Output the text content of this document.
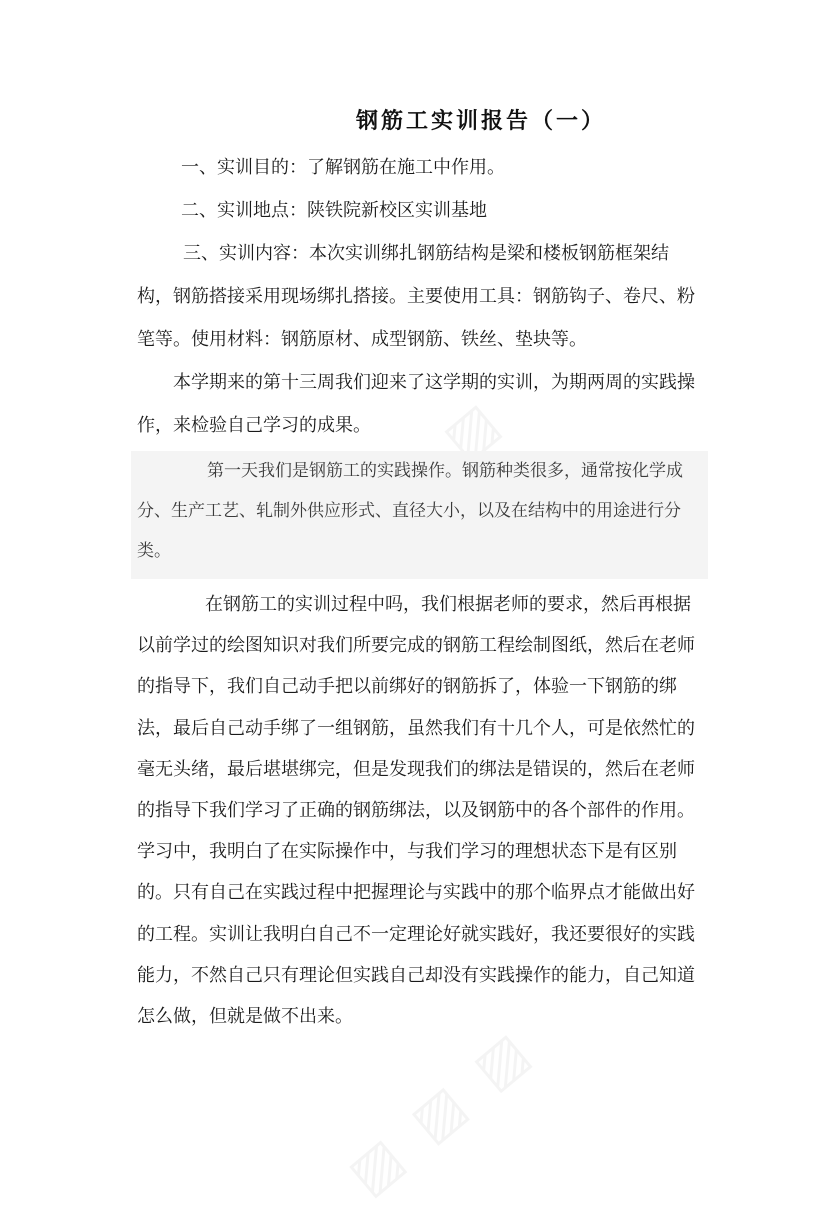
钢筋工实训报告（一）
一、实训目的：了解钢筋在施工中作用。
二、实训地点：陕铁院新校区实训基地
三、实训内容：本次实训绑扎钢筋结构是梁和楼板钢筋框架结构，钢筋搭接采用现场绑扎搭接。主要使用工具：钢筋钩子、卷尺、粉笔等。使用材料：钢筋原材、成型钢筋、铁丝、垫块等。
本学期来的第十三周我们迎来了这学期的实训，为期两周的实践操作，来检验自己学习的成果。
第一天我们是钢筋工的实践操作。钢筋种类很多，通常按化学成分、生产工艺、轧制外供应形式、直径大小，以及在结构中的用途进行分类。
在钢筋工的实训过程中吗，我们根据老师的要求，然后再根据以前学过的绘图知识对我们所要完成的钢筋工程绘制图纸，然后在老师的指导下，我们自己动手把以前绑好的钢筋拆了，体验一下钢筋的绑法，最后自己动手绑了一组钢筋，虽然我们有十几个人，可是依然忙的毫无头绪，最后堪堪绑完，但是发现我们的绑法是错误的，然后在老师的指导下我们学习了正确的钢筋绑法，以及钢筋中的各个部件的作用。学习中，我明白了在实际操作中，与我们学习的理想状态下是有区别的。只有自己在实践过程中把握理论与实践中的那个临界点才能做出好的工程。实训让我明白自己不一定理论好就实践好，我还要很好的实践能力，不然自己只有理论但实践自己却没有实践操作的能力，自己知道怎么做，但就是做不出来。
